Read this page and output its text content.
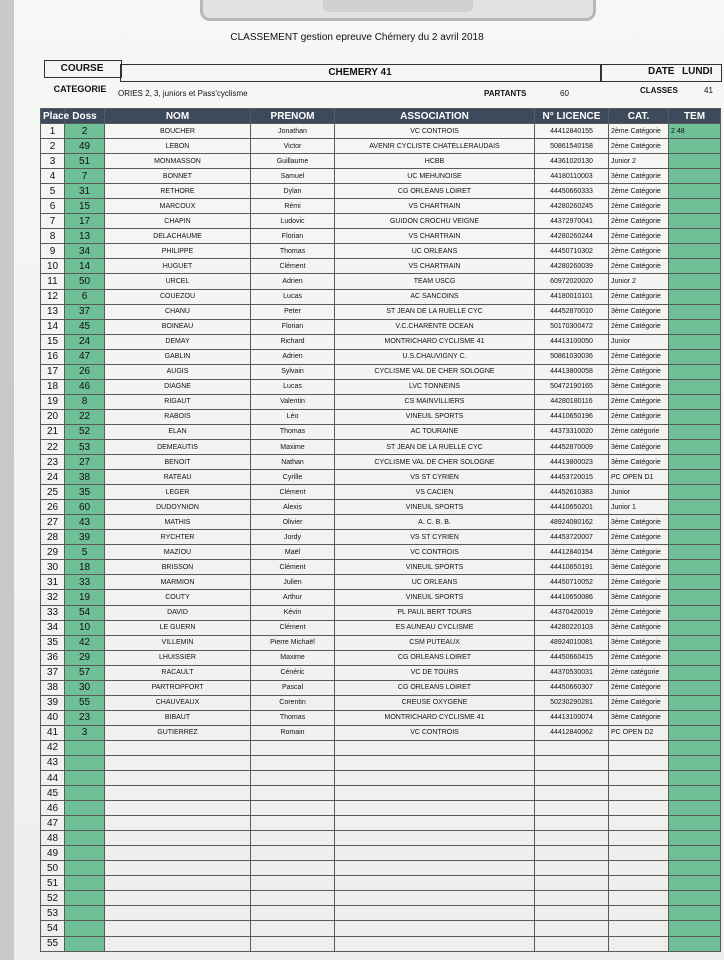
CLASSEMENT gestion epreuve Chémery du 2 avril 2018
COURSE	CHEMERY 41	DATE LUNDI
CATEGORIE	ORIES 2, 3, juniors et Pass'cyclisme	PARTANTS	60	CLASSES	41
Place	Doss	NOM	PRENOM	ASSOCIATION	N° LICENCE	CAT.	TEM
1	2	BOUCHER	Jonathan	VC CONTROIS	44412840155	2ème Catégorie	2 48
2	49	LEBON	Victor	AVENIR CYCLISTE CHATELLERAUDAIS	50861540158	2ème Catégorie	
3	51	MONMASSON	Guillaume	HCBB	44361020130	Junior 2	
4	7	BONNET	Samuel	UC MEHUNOISE	44180110003	3ème Catégorie	
5	31	RETHORE	Dylan	CG ORLEANS LOIRET	44450660333	2ème Catégorie	
6	15	MARCOUX	Rémi	VS CHARTRAIN	44280260245	2ème Catégorie	
7	17	CHAPIN	Ludovic	GUIDON CROCHU VEIGNE	44372970041	2ème Catégorie	
8	13	DELACHAUME	Florian	VS CHARTRAIN	44280260244	2ème Catégorie	
9	34	PHILIPPE	Thomas	UC ORLEANS	44450710302	2ème Catégorie	
10	14	HUGUET	Clément	VS CHARTRAIN	44280260039	2ème Catégorie	
11	50	URCEL	Adrien	TEAM USCG	60972020020	Junior 2	
12	6	COUEZOU	Lucas	AC SANCOINS	44180010101	2ème Catégorie	
13	37	CHANU	Peter	ST JEAN DE LA RUELLE CYC	44452870010	3ème Catégorie	
14	45	BOINEAU	Florian	V.C.CHARENTE OCEAN	50170300472	2ème Catégorie	
15	24	DEMAY	Richard	MONTRICHARD CYCLISME 41	44413100050	Junior	
16	47	GABLIN	Adrien	U.S.CHAUVIGNY C.	50861030036	2ème Catégorie	
17	26	AUGIS	Sylvain	CYCLISME VAL DE CHER SOLOGNE	44413800058	2ème Catégorie	
18	46	DIAGNE	Lucas	LVC TONNEINS	50472190165	3ème Catégorie	
19	8	RIGAUT	Valentin	CS MAINVILLIERS	44280180116	2ème Catégorie	
20	22	RABOIS	Léo	VINEUIL SPORTS	44410650196	2ème Catégorie	
21	52	ELAN	Thomas	AC TOURAINE	44373310020	2ème catégorie	
22	53	DEMEAUTIS	Maxime	ST JEAN DE LA RUELLE CYC	44452870009	3ème Catégorie	
23	27	BENOIT	Nathan	CYCLISME VAL DE CHER SOLOGNE	44413800023	3ème Catégorie	
24	38	RATEAU	Cyrille	VS ST CYRIEN	44453720015	PC OPEN D1	
25	35	LEGER	Clément	VS CACIEN	44452610383	Junior	
26	60	DUDOYNION	Alexis	VINEUIL SPORTS	44410650201	Junior 1	
27	43	MATHIS	Olivier	A. C. B. B.	48924080162	3ème Catégorie	
28	39	RYCHTER	Jordy	VS ST CYRIEN	44453720007	2ème Catégorie	
29	5	MAZIOU	Maël	VC CONTROIS	44412840154	3ème Catégorie	
30	18	BRISSON	Clément	VINEUIL SPORTS	44410650191	3ème Catégorie	
31	33	MARMION	Julien	UC ORLEANS	44450710052	2ème Catégorie	
32	19	COUTY	Arthur	VINEUIL SPORTS	44410650086	3ème Catégorie	
33	54	DAVID	Kévin	PL PAUL BERT TOURS	44370420019	2ème Catégorie	
34	10	LE GUERN	Clément	ES AUNEAU CYCLISME	44280220103	3ème Catégorie	
35	42	VILLEMIN	Pierre Michaël	CSM PUTEAUX	48924010081	3ème Catégorie	
36	29	LHUISSIER	Maxime	CG ORLEANS LOIRET	44450660415	2ème Catégorie	
37	57	RACAULT	Cénéric	VC DE TOURS	44370530031	2ème catégorie	
38	30	PARTROPFORT	Pascal	CG ORLEANS LOIRET	44450660307	2ème Catégorie	
39	55	CHAUVEAUX	Corentin	CREUSE OXYGENE	50230290281	2ème Catégorie	
40	23	BIBAUT	Thomas	MONTRICHARD CYCLISME 41	44413100074	3ème Catégorie	
41	3	GUTIERREZ	Romain	VC CONTROIS	44412840062	PC OPEN D2	
42							
43							
44							
45							
46							
47							
48							
49							
50							
51							
52							
53							
54							
55							
